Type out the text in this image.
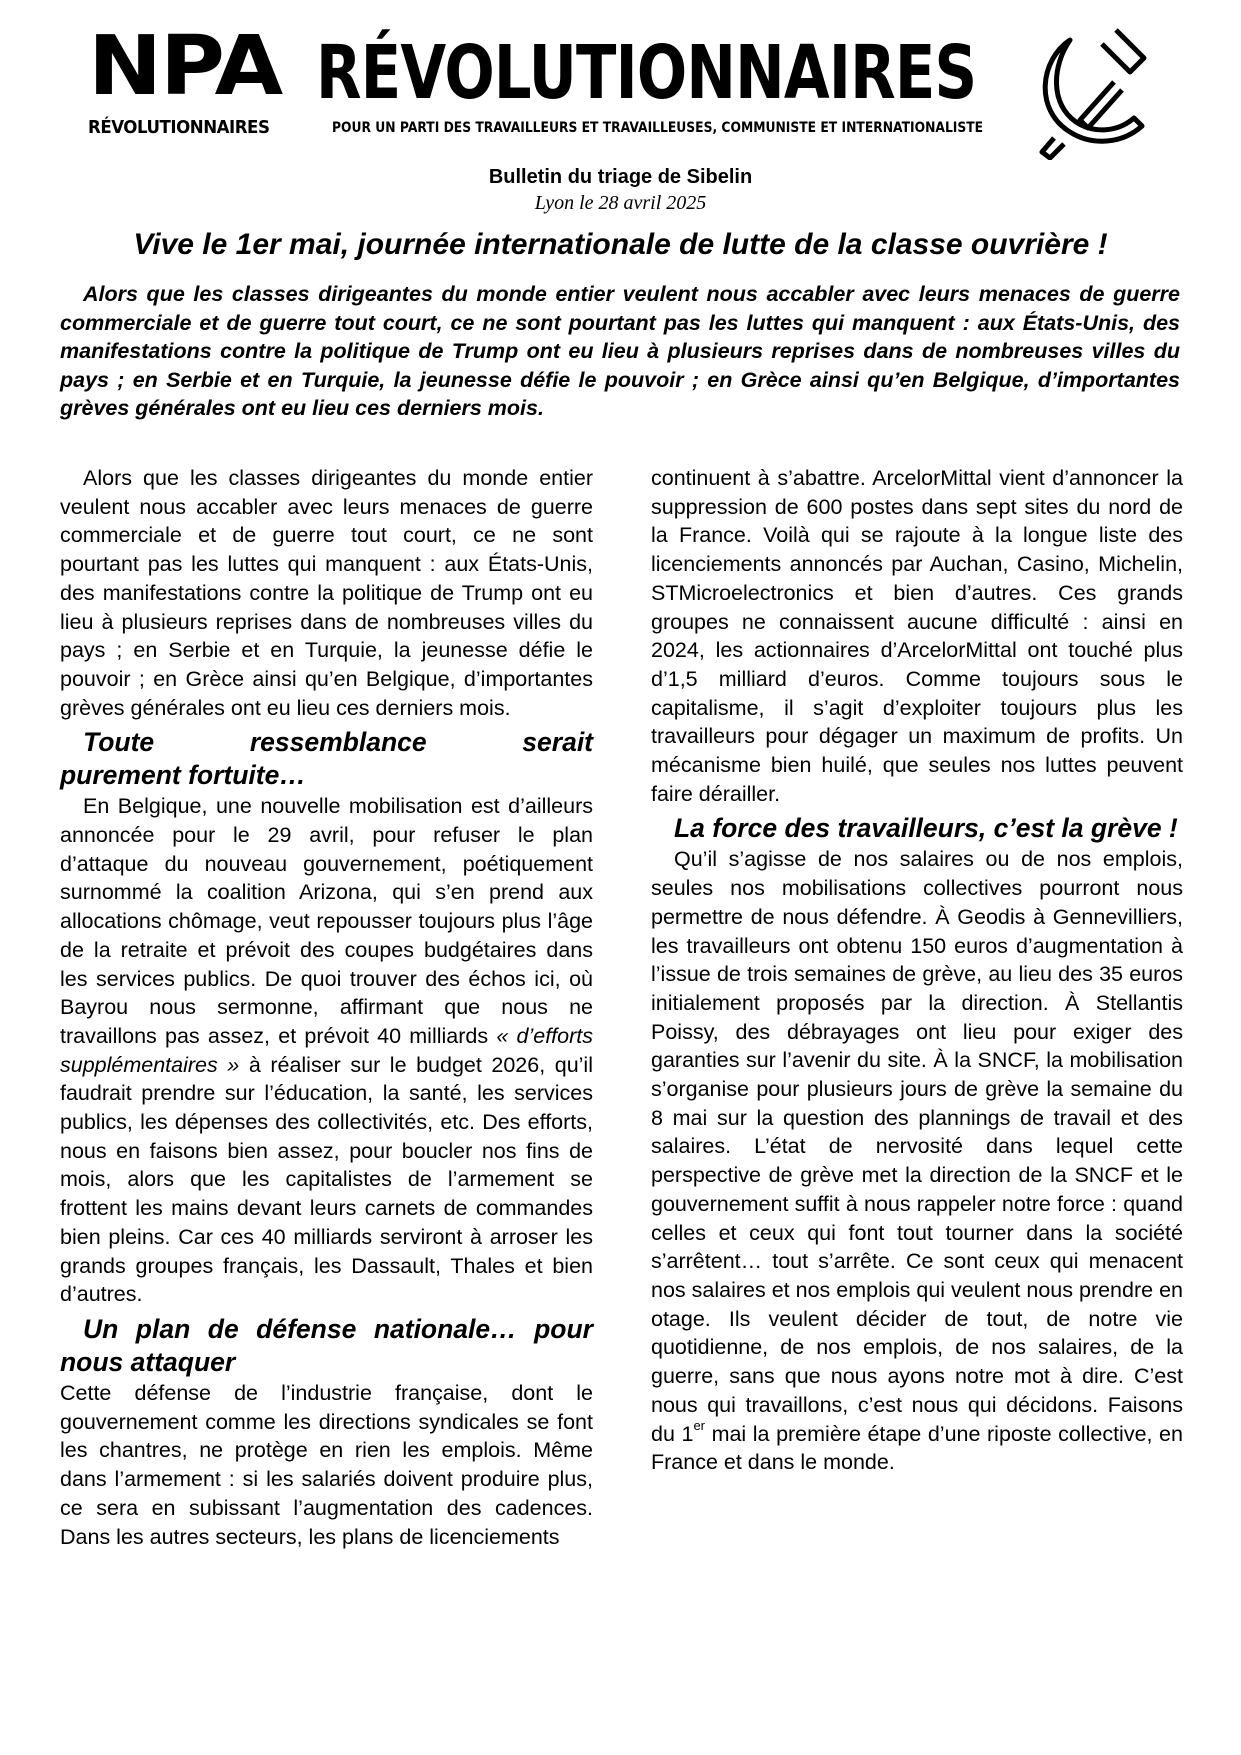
NPA
RÉVOLUTIONNAIRES
RÉVOLUTIONNAIRES
POUR UN PARTI DES TRAVAILLEURS ET TRAVAILLEUSES, COMMUNISTE ET INTERNATIONALISTE
Bulletin du triage de Sibelin
Lyon le 28 avril 2025
Vive le 1er mai, journée internationale de lutte de la classe ouvrière !
Alors que les classes dirigeantes du monde entier veulent nous accabler avec leurs menaces de guerre commerciale et de guerre tout court, ce ne sont pourtant pas les luttes qui manquent : aux États-Unis, des manifestations contre la politique de Trump ont eu lieu à plusieurs reprises dans de nombreuses villes du pays ; en Serbie et en Turquie, la jeunesse défie le pouvoir ; en Grèce ainsi qu’en Belgique, d’importantes grèves générales ont eu lieu ces derniers mois.

Alors que les classes dirigeantes du monde entier veulent nous accabler avec leurs menaces de guerre commerciale et de guerre tout court, ce ne sont pourtant pas les luttes qui manquent : aux États-Unis, des manifestations contre la politique de Trump ont eu lieu à plusieurs reprises dans de nombreuses villes du pays ; en Serbie et en Turquie, la jeunesse défie le pouvoir ; en Grèce ainsi qu’en Belgique, d’importantes grèves générales ont eu lieu ces derniers mois.

Toute ressemblance serait
purement fortuite…

En Belgique, une nouvelle mobilisation est d’ailleurs annoncée pour le 29 avril, pour refuser le plan d’attaque du nouveau gouvernement, poétiquement surnommé la coalition Arizona, qui s’en prend aux allocations chômage, veut repousser toujours plus l’âge de la retraite et prévoit des coupes budgétaires dans les services publics. De quoi trouver des échos ici, où Bayrou nous sermonne, affirmant que nous ne travaillons pas assez, et prévoit 40 milliards « d’efforts supplémentaires » à réaliser sur le budget 2026, qu’il faudrait prendre sur l’éducation, la santé, les services publics, les dépenses des collectivités, etc. Des efforts, nous en faisons bien assez, pour boucler nos fins de mois, alors que les capitalistes de l’armement se frottent les mains devant leurs carnets de commandes bien pleins. Car ces 40 milliards serviront à arroser les grands groupes français, les Dassault, Thales et bien d’autres.

Un plan de défense nationale… pour nous attaquer

Cette défense de l’industrie française, dont le gouvernement comme les directions syndicales se font les chantres, ne protège en rien les emplois. Même dans l’armement : si les salariés doivent produire plus, ce sera en subissant l’augmentation des cadences. Dans les autres secteurs, les plans de licenciements

continuent à s’abattre. ArcelorMittal vient d’annoncer la suppression de 600 postes dans sept sites du nord de la France. Voilà qui se rajoute à la longue liste des licenciements annoncés par Auchan, Casino, Michelin, STMicroelectronics et bien d’autres. Ces grands groupes ne connaissent aucune difficulté : ainsi en 2024, les actionnaires d’ArcelorMittal ont touché plus d’1,5 milliard d’euros. Comme toujours sous le capitalisme, il s’agit d’exploiter toujours plus les travailleurs pour dégager un maximum de profits. Un mécanisme bien huilé, que seules nos luttes peuvent faire dérailler.

La force des travailleurs, c’est la grève !

Qu’il s’agisse de nos salaires ou de nos emplois, seules nos mobilisations collectives pourront nous permettre de nous défendre. À Geodis à Gennevilliers, les travailleurs ont obtenu 150 euros d’augmentation à l’issue de trois semaines de grève, au lieu des 35 euros initialement proposés par la direction. À Stellantis Poissy, des débrayages ont lieu pour exiger des garanties sur l’avenir du site. À la SNCF, la mobilisation s’organise pour plusieurs jours de grève la semaine du 8 mai sur la question des plannings de travail et des salaires. L’état de nervosité dans lequel cette perspective de grève met la direction de la SNCF et le gouvernement suffit à nous rappeler notre force : quand celles et ceux qui font tout tourner dans la société s’arrêtent… tout s’arrête. Ce sont ceux qui menacent nos salaires et nos emplois qui veulent nous prendre en otage. Ils veulent décider de tout, de notre vie quotidienne, de nos emplois, de nos salaires, de la guerre, sans que nous ayons notre mot à dire. C’est nous qui travaillons, c’est nous qui décidons. Faisons du 1er mai la première étape d’une riposte collective, en France et dans le monde.
